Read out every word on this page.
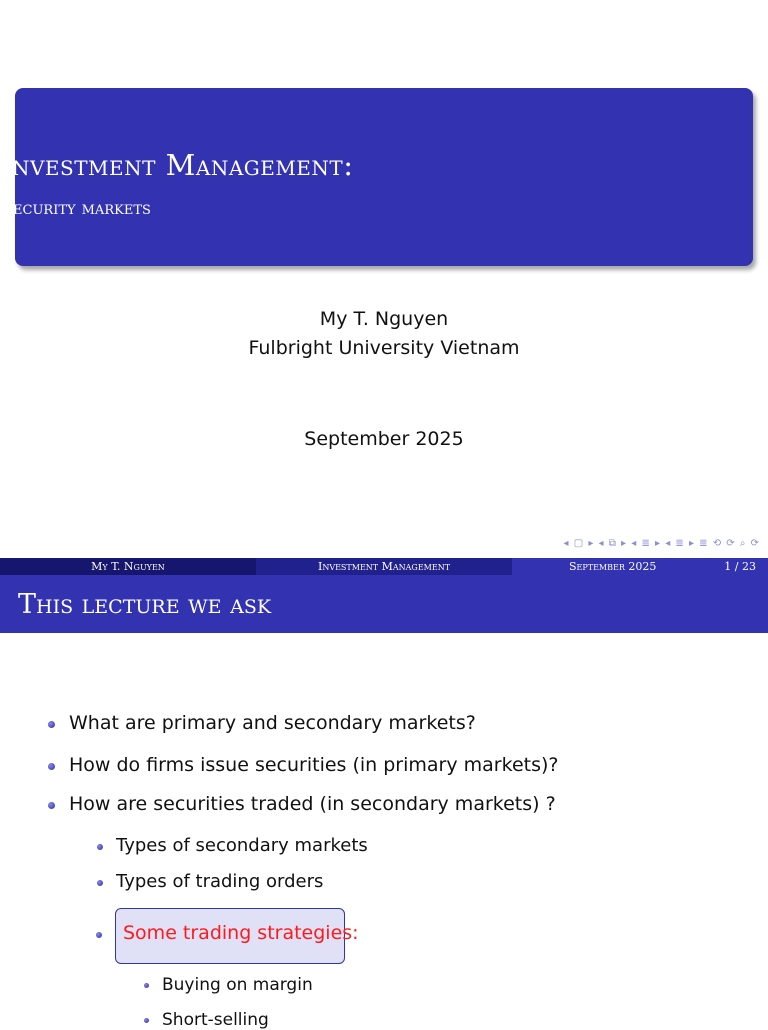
Investment Management:
Security markets
My T. Nguyen
Fulbright University Vietnam
September 2025
◂ ▢ ▸ ◂ ⧉ ▸ ◂ ≣ ▸ ◂ ≣ ▸ ≣ ⟲ ⟳ ⌕ ⟳
My T. Nguyen	Investment Management	September 2025	1 / 23
This lecture we ask
What are primary and secondary markets?
How do firms issue securities (in primary markets)?
How are securities traded (in secondary markets) ?
Types of secondary markets
Types of trading orders
Some trading strategies:
Buying on margin
Short-selling
